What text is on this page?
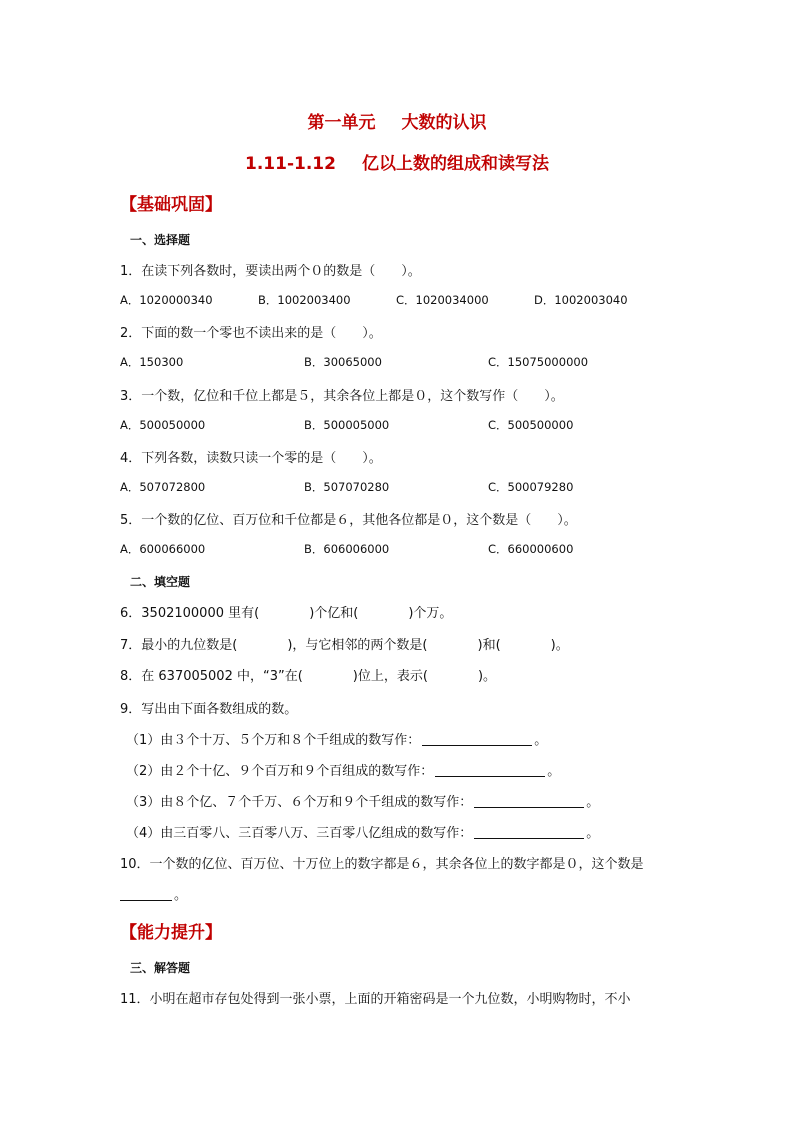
第一单元 大数的认识
1.11-1.12 亿以上数的组成和读写法
【基础巩固】
一、选择题
1．在读下列各数时，要读出两个０的数是（　　）。
A．1020000340	B．1002003400	C．1020034000	D．1002003040
2．下面的数一个零也不读出来的是（　　）。
A．150300	B．30065000	C．15075000000
3．一个数，亿位和千位上都是５，其余各位上都是０，这个数写作（　　）。
A．500050000	B．500005000	C．500500000
4．下列各数，读数只读一个零的是（　　）。
A．507072800	B．507070280	C．500079280
5．一个数的亿位、百万位和千位都是６，其他各位都是０，这个数是（　　）。
A．600066000	B．606006000	C．660000600
二、填空题
6．3502100000 里有(	)个亿和(	)个万。
7．最小的九位数是(	)，与它相邻的两个数是(	)和(	)。
8．在 637005002 中，“3”在(	)位上，表示(	)。
9．写出由下面各数组成的数。
（1）由３个十万、５个万和８个千组成的数写作：	。
（2）由２个十亿、９个百万和９个百组成的数写作：	。
（3）由８个亿、７个千万、６个万和９个千组成的数写作：	。
（4）由三百零八、三百零八万、三百零八亿组成的数写作：	。
10．一个数的亿位、百万位、十万位上的数字都是６，其余各位上的数字都是０，这个数是
。
【能力提升】
三、解答题
11．小明在超市存包处得到一张小票，上面的开箱密码是一个九位数，小明购物时，不小
